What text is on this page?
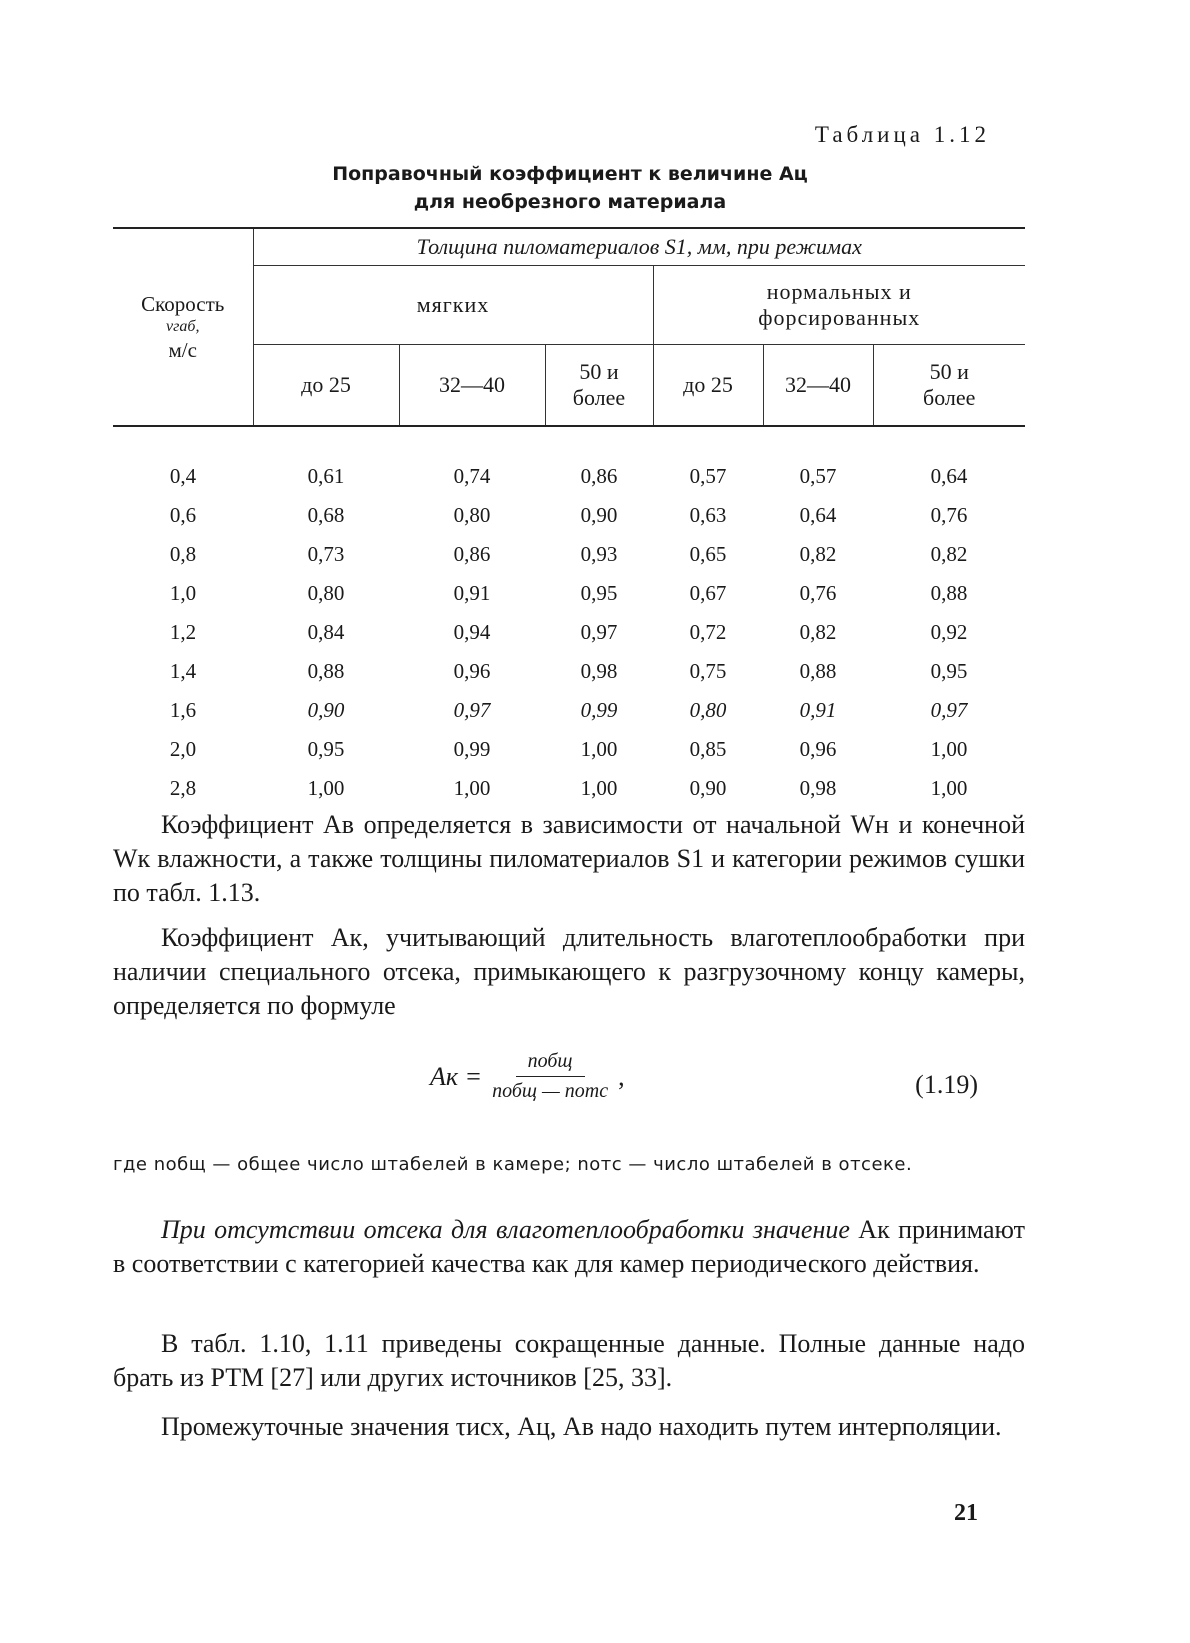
Таблица 1.12
Поправочный коэффициент к величине Aц
для необрезного материала
Скорость
vгаб,
м/с	Толщина пиломатериалов S1, мм, при режимах					
	мягких			нормальных и
форсированных		

	до 25	32—40	50 и более	до 25	32—40	50 и более

0,4	0,61	0,74	0,86	0,57	0,57	0,64
0,6	0,68	0,80	0,90	0,63	0,64	0,76
0,8	0,73	0,86	0,93	0,65	0,82	0,82
1,0	0,80	0,91	0,95	0,67	0,76	0,88
1,2	0,84	0,94	0,97	0,72	0,82	0,92
1,4	0,88	0,96	0,98	0,75	0,88	0,95
1,6	0,90	0,97	0,99	0,80	0,91	0,97
2,0	0,95	0,99	1,00	0,85	0,96	1,00
2,8	1,00	1,00	1,00	0,90	0,98	1,00
Коэффициент Aв определяется в зависимости от начальной Wн и конечной Wк влажности, а также толщины пиломатериалов S1 и категории режимов сушки по табл. 1.13.
Коэффициент Aк, учитывающий длительность влаготеплообработки при наличии специального отсека, примыкающего к разгрузочному концу камеры, определяется по формуле
Aк = $\frac{\text{nобщ}}{\text{nобщ — nотс}}$ ,	(1.19)
где nобщ — общее число штабелей в камере; nотс — число штабелей в отсеке.
При отсутствии отсека для влаготеплообработки значение Aк принимают в соответствии с категорией качества как для камер периодического действия.
В табл. 1.10, 1.11 приведены сокращенные данные. Полные данные надо брать из РТМ [27] или других источников [25, 33].
Промежуточные значения τисх, Aц, Aв надо находить путем интерполяции.
21
